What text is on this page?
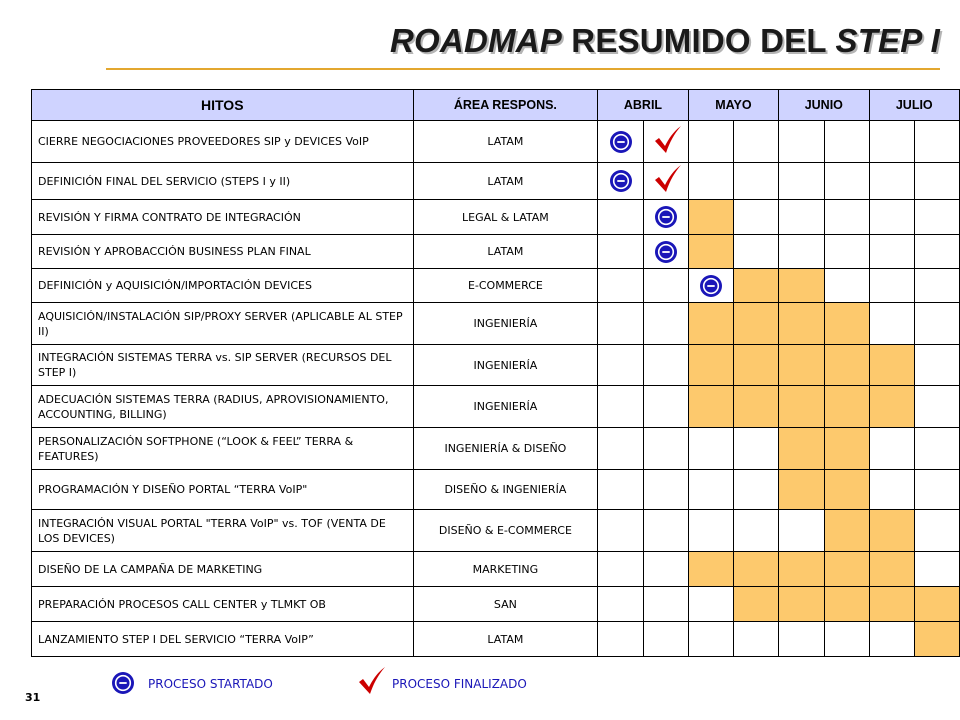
ROADMAP RESUMIDO DEL STEP I
HITOS	ÁREA RESPONS.	ABRIL		MAYO		JUNIO		JULIO	
CIERRE NEGOCIACIONES PROVEEDORES SIP y DEVICES VoIP	LATAM	

DEFINICIÓN FINAL DEL SERVICIO (STEPS I y II)	LATAM	

REVISIÓN Y FIRMA CONTRATO DE INTEGRACIÓN	LEGAL & LATAM		

REVISIÓN Y APROBACCIÓN BUSINESS PLAN FINAL	LATAM		

DEFINICIÓN y AQUISICIÓN/IMPORTACIÓN DEVICES	E-COMMERCE			

AQUISICIÓN/INSTALACIÓN SIP/PROXY SERVER (APLICABLE AL STEP II)	INGENIERÍA								
INTEGRACIÓN SISTEMAS TERRA vs. SIP SERVER (RECURSOS DEL STEP I)	INGENIERÍA								
ADECUACIÓN SISTEMAS TERRA (RADIUS, APROVISIONAMIENTO, ACCOUNTING, BILLING)	INGENIERÍA								
PERSONALIZACIÓN SOFTPHONE (“LOOK & FEEL” TERRA & FEATURES)	INGENIERÍA & DISEÑO								
PROGRAMACIÓN Y DISEÑO PORTAL “TERRA VoIP"	DISEÑO & INGENIERÍA								
INTEGRACIÓN VISUAL PORTAL "TERRA VoIP" vs. TOF (VENTA DE LOS DEVICES)	DISEÑO & E-COMMERCE								
DISEÑO DE LA CAMPAÑA DE MARKETING	MARKETING								
PREPARACIÓN PROCESOS CALL CENTER y TLMKT OB	SAN								
LANZAMIENTO STEP I DEL SERVICIO “TERRA VoIP”	LATAM								
PROCESO STARTADO	PROCESO FINALIZADO
31
